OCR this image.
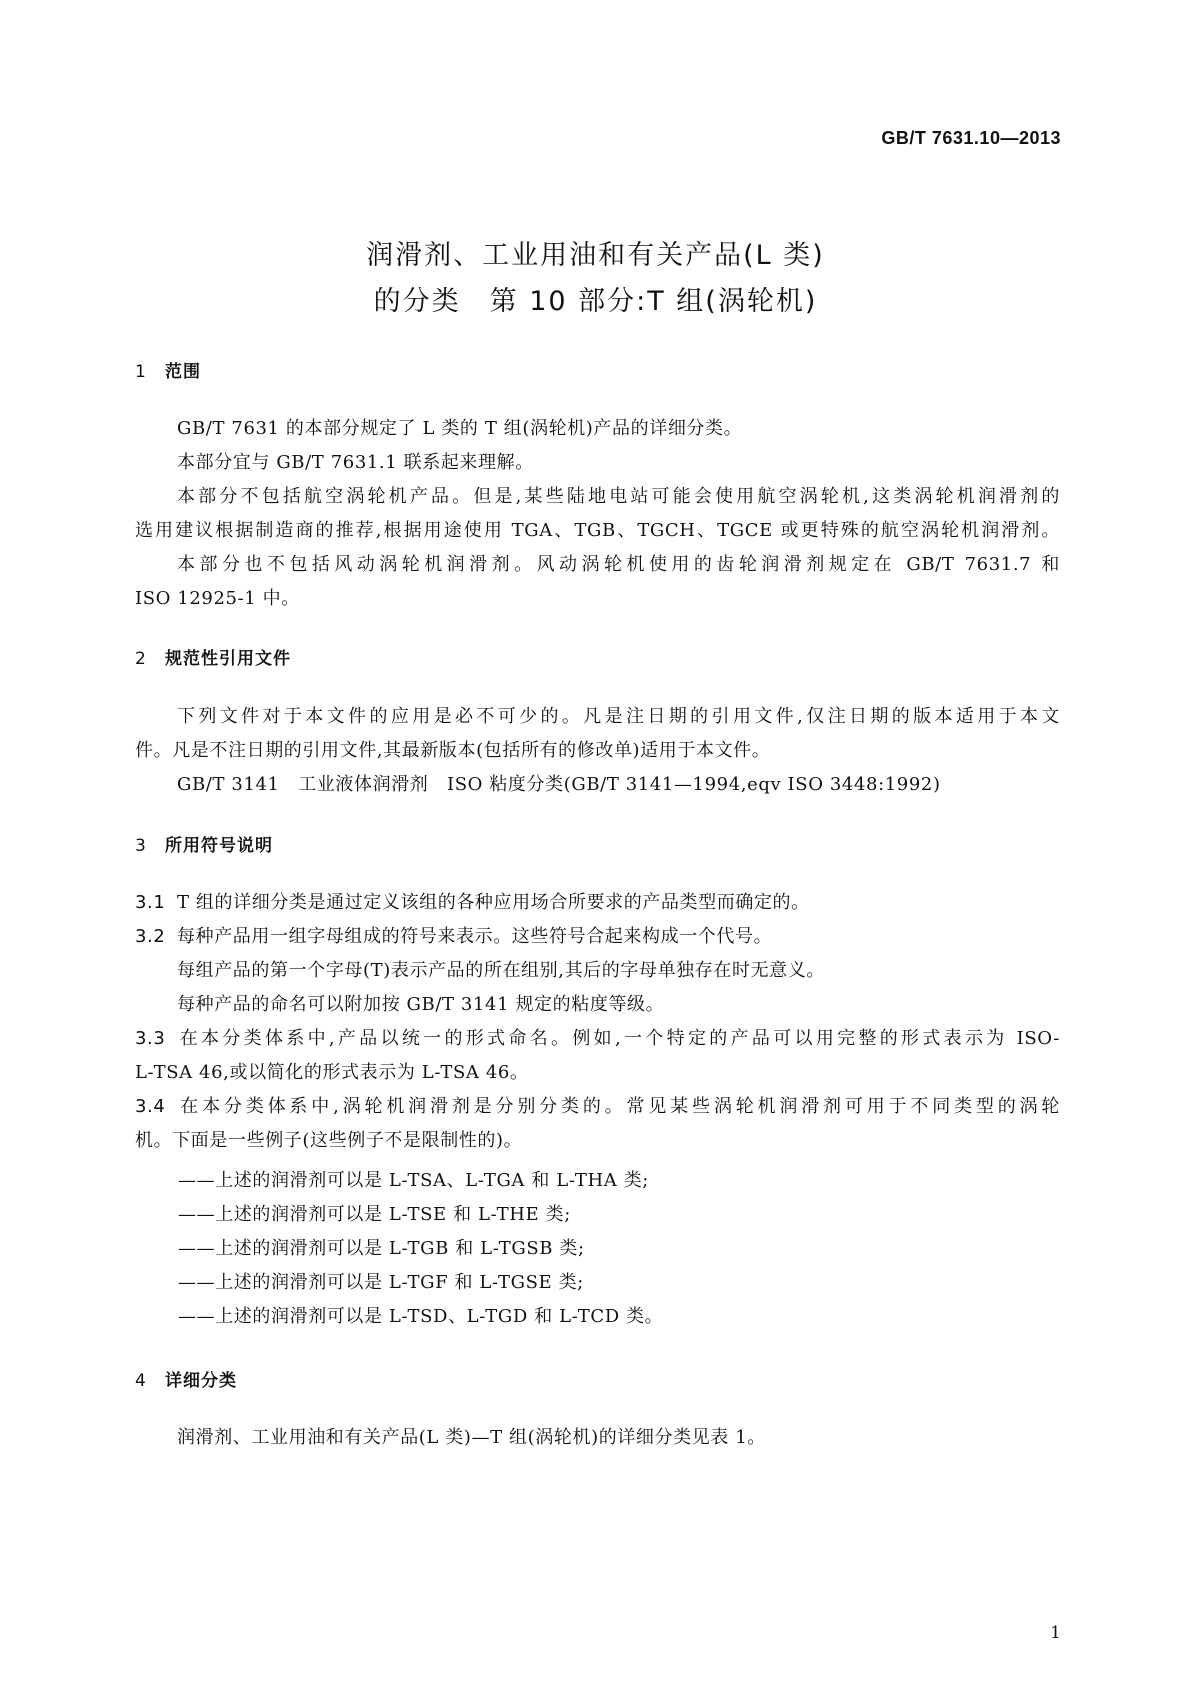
GB/T 7631.10—2013
润滑剂、工业用油和有关产品(L 类)
的分类　第 10 部分:T 组(涡轮机)
1 范围
GB/T 7631 的本部分规定了 L 类的 T 组(涡轮机)产品的详细分类。
本部分宜与 GB/T 7631.1 联系起来理解。
本部分不包括航空涡轮机产品。但是,某些陆地电站可能会使用航空涡轮机,这类涡轮机润滑剂的
选用建议根据制造商的推荐,根据用途使用 TGA、TGB、TGCH、TGCE 或更特殊的航空涡轮机润滑剂。
本部分也不包括风动涡轮机润滑剂。风动涡轮机使用的齿轮润滑剂规定在 GB/T 7631.7 和
ISO 12925-1 中。
2 规范性引用文件
下列文件对于本文件的应用是必不可少的。凡是注日期的引用文件,仅注日期的版本适用于本文
件。凡是不注日期的引用文件,其最新版本(包括所有的修改单)适用于本文件。
GB/T 3141　工业液体润滑剂　ISO 粘度分类(GB/T 3141—1994,eqv ISO 3448:1992)
3 所用符号说明
3.1 T 组的详细分类是通过定义该组的各种应用场合所要求的产品类型而确定的。
3.2 每种产品用一组字母组成的符号来表示。这些符号合起来构成一个代号。
每组产品的第一个字母(T)表示产品的所在组别,其后的字母单独存在时无意义。
每种产品的命名可以附加按 GB/T 3141 规定的粘度等级。
3.3 在本分类体系中,产品以统一的形式命名。例如,一个特定的产品可以用完整的形式表示为 ISO-
L-TSA 46,或以简化的形式表示为 L-TSA 46。
3.4 在本分类体系中,涡轮机润滑剂是分别分类的。常见某些涡轮机润滑剂可用于不同类型的涡轮
机。下面是一些例子(这些例子不是限制性的)。
——上述的润滑剂可以是 L-TSA、L-TGA 和 L-THA 类;
——上述的润滑剂可以是 L-TSE 和 L-THE 类;
——上述的润滑剂可以是 L-TGB 和 L-TGSB 类;
——上述的润滑剂可以是 L-TGF 和 L-TGSE 类;
——上述的润滑剂可以是 L-TSD、L-TGD 和 L-TCD 类。
4 详细分类
润滑剂、工业用油和有关产品(L 类)—T 组(涡轮机)的详细分类见表 1。
1
